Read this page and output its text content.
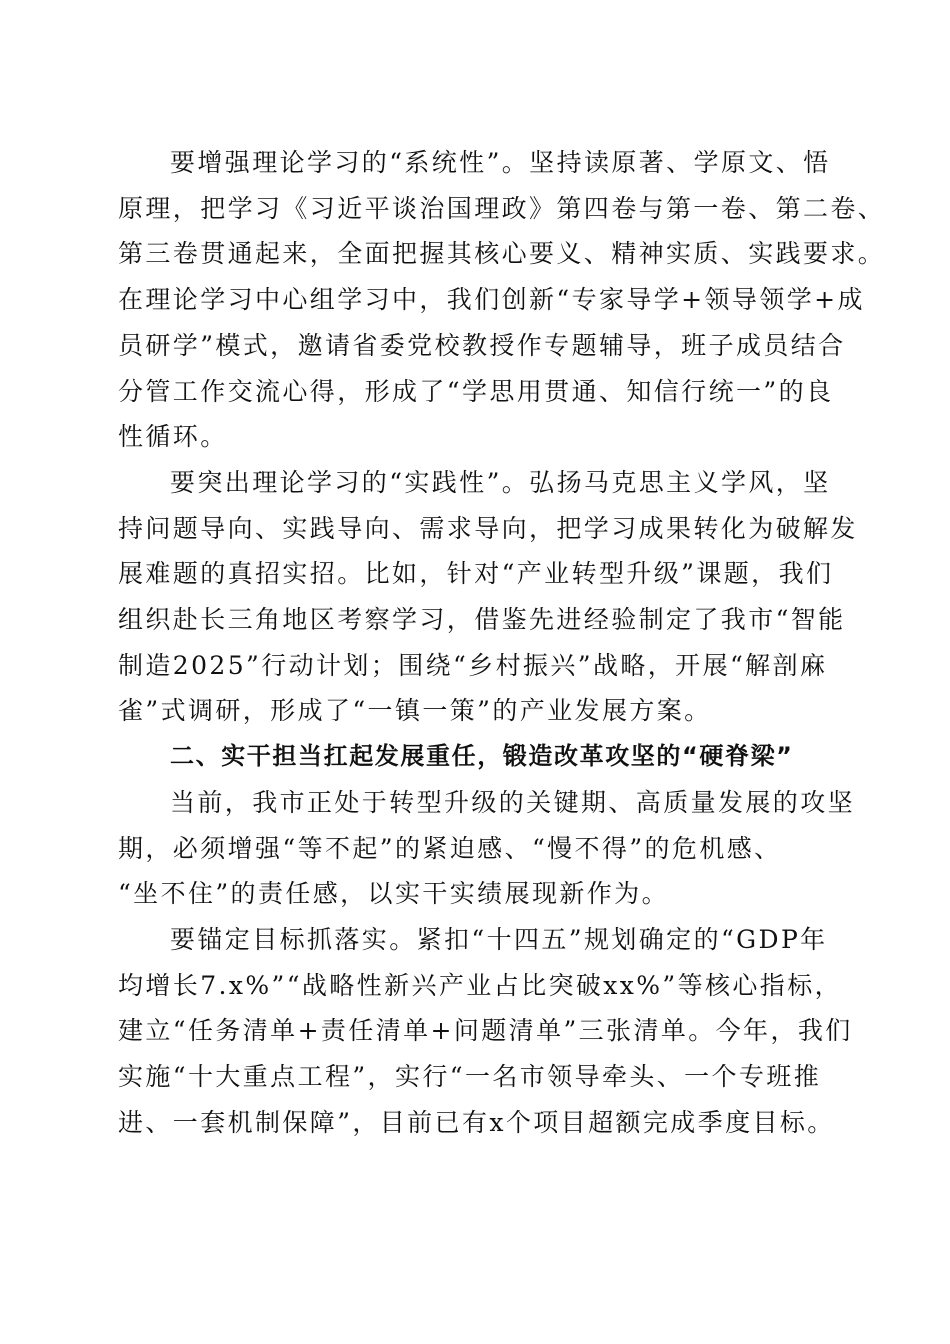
要增强理论学习的“系统性”。坚持读原著、学原文、悟
原理，把学习《习近平谈治国理政》第四卷与第一卷、第二卷、
第三卷贯通起来，全面把握其核心要义、精神实质、实践要求。
在理论学习中心组学习中，我们创新“专家导学+领导领学+成
员研学”模式，邀请省委党校教授作专题辅导，班子成员结合
分管工作交流心得，形成了“学思用贯通、知信行统一”的良
性循环。

要突出理论学习的“实践性”。弘扬马克思主义学风，坚
持问题导向、实践导向、需求导向，把学习成果转化为破解发
展难题的真招实招。比如，针对“产业转型升级”课题，我们
组织赴长三角地区考察学习，借鉴先进经验制定了我市“智能
制造2025”行动计划；围绕“乡村振兴”战略，开展“解剖麻
雀”式调研，形成了“一镇一策”的产业发展方案。

二、实干担当扛起发展重任，锻造改革攻坚的“硬脊梁”

当前，我市正处于转型升级的关键期、高质量发展的攻坚
期，必须增强“等不起”的紧迫感、“慢不得”的危机感、
“坐不住”的责任感，以实干实绩展现新作为。

要锚定目标抓落实。紧扣“十四五”规划确定的“GDP年
均增长7.x%”“战略性新兴产业占比突破xx%”等核心指标，
建立“任务清单+责任清单+问题清单”三张清单。今年，我们
实施“十大重点工程”，实行“一名市领导牵头、一个专班推
进、一套机制保障”，目前已有x个项目超额完成季度目标。
